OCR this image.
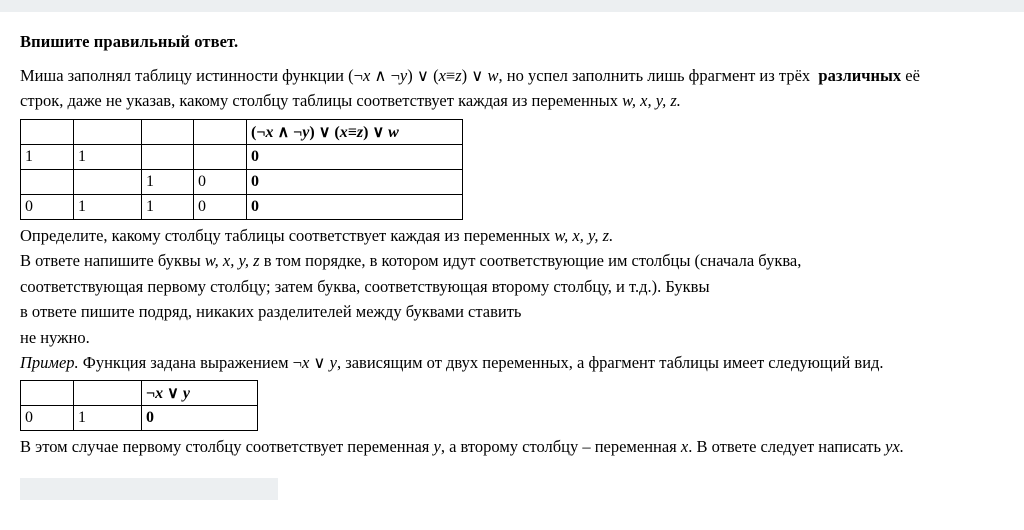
Впишите правильный ответ.

Миша заполнял таблицу истинности функции (¬x ∧ ¬y) ∨ (x≡z) ∨ w, но успел заполнить лишь фрагмент из трёх различных её

строк, даже не указав, какому столбцу таблицы соответствует каждая из переменных w, x, y, z.

				(¬x ∧ ¬y) ∨ (x≡z) ∨ w
1	1			0
		1	0	0
0	1	1	0	0

Определите, какому столбцу таблицы соответствует каждая из переменных w, x, y, z.

В ответе напишите буквы w, x, y, z в том порядке, в котором идут соответствующие им столбцы (сначала буква,

соответствующая первому столбцу; затем буква, соответствующая второму столбцу, и т.д.). Буквы

в ответе пишите подряд, никаких разделителей между буквами ставить

не нужно.

Пример. Функция задана выражением ¬x ∨ y, зависящим от двух переменных, а фрагмент таблицы имеет следующий вид.

		¬x ∨ y
0	1	0

В этом случае первому столбцу соответствует переменная y, а второму столбцу – переменная x. В ответе следует написать yx.
